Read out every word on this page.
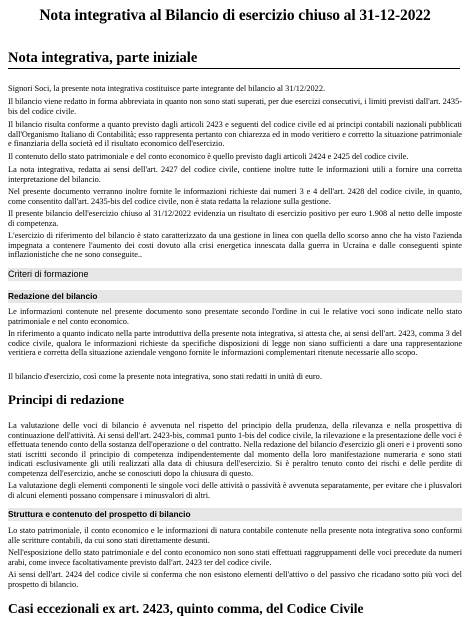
Nota integrativa al Bilancio di esercizio chiuso al 31-12-2022
Nota integrativa, parte iniziale
Signori Soci, la presente nota integrativa costituisce parte integrante del bilancio al 31/12/2022.
Il bilancio viene redatto in forma abbreviata in quanto non sono stati superati, per due esercizi consecutivi, i limiti previsti dall'art. 2435-bis del codice civile.
Il bilancio risulta conforme a quanto previsto dagli articoli 2423 e seguenti del codice civile ed ai principi contabili nazionali pubblicati dall'Organismo Italiano di Contabilità; esso rappresenta pertanto con chiarezza ed in modo veritiero e corretto la situazione patrimoniale e finanziaria della società ed il risultato economico dell'esercizio.
Il contenuto dello stato patrimoniale e del conto economico è quello previsto dagli articoli 2424 e 2425 del codice civile.
La nota integrativa, redatta ai sensi dell'art. 2427 del codice civile, contiene inoltre tutte le informazioni utili a fornire una corretta interpretazione del bilancio.
Nel presente documento verranno inoltre fornite le informazioni richieste dai numeri 3 e 4 dell'art. 2428 del codice civile, in quanto, come consentito dall'art. 2435-bis del codice civile, non è stata redatta la relazione sulla gestione.
Il presente bilancio dell'esercizio chiuso al 31/12/2022 evidenzia un risultato di esercizio positivo per euro 1.908 al netto delle imposte di competenza.
L'esercizio di riferimento del bilancio è stato caratterizzato da una gestione in linea con quella dello scorso anno che ha visto l'azienda impegnata a contenere l'aumento dei costi dovuto alla crisi energetica innescata dalla guerra in Ucraina e dalle conseguenti spinte inflazionistiche che ne sono conseguite..
Criteri di formazione
Redazione del bilancio
Le informazioni contenute nel presente documento sono presentate secondo l'ordine in cui le relative voci sono indicate nello stato patrimoniale e nel conto economico.
In riferimento a quanto indicato nella parte introduttiva della presente nota integrativa, si attesta che, ai sensi dell'art. 2423, comma 3 del codice civile, qualora le informazioni richieste da specifiche disposizioni di legge non siano sufficienti a dare una rappresentazione veritiera e corretta della situazione aziendale vengono fornite le informazioni complementari ritenute necessarie allo scopo.
Il bilancio d'esercizio, così come la presente nota integrativa, sono stati redatti in unità di euro.
Principi di redazione
La valutazione delle voci di bilancio è avvenuta nel rispetto del principio della prudenza, della rilevanza e nella prospettiva di continuazione dell'attività. Ai sensi dell'art. 2423-bis, comma1 punto 1-bis del codice civile, la rilevazione e la presentazione delle voci è effettuata tenendo conto della sostanza dell'operazione o del contratto. Nella redazione del bilancio d'esercizio gli oneri e i proventi sono stati iscritti secondo il principio di competenza indipendentemente dal momento della loro manifestazione numeraria e sono stati indicati esclusivamente gli utili realizzati alla data di chiusura dell'esercizio. Si è peraltro tenuto conto dei rischi e delle perdite di competenza dell'esercizio, anche se conosciuti dopo la chiusura di questo.
La valutazione degli elementi componenti le singole voci delle attività o passività è avvenuta separatamente, per evitare che i plusvalori di alcuni elementi possano compensare i minusvalori di altri.
Struttura e contenuto del prospetto di bilancio
Lo stato patrimoniale, il conto economico e le informazioni di natura contabile contenute nella presente nota integrativa sono conformi alle scritture contabili, da cui sono stati direttamente desunti.
Nell'esposizione dello stato patrimoniale e del conto economico non sono stati effettuati raggruppamenti delle voci precedute da numeri arabi, come invece facoltativamente previsto dall'art. 2423 ter del codice civile.
Ai sensi dell'art. 2424 del codice civile si conferma che non esistono elementi dell'attivo o del passivo che ricadano sotto più voci del prospetto di bilancio.
Casi eccezionali ex art. 2423, quinto comma, del Codice Civile
